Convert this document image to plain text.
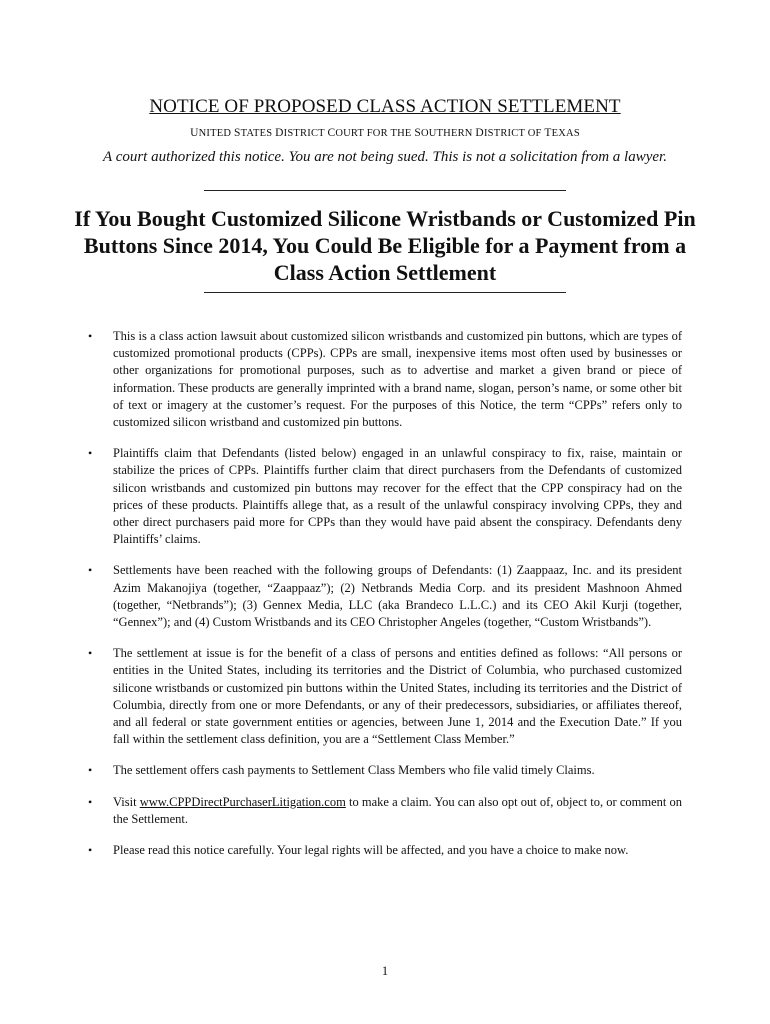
NOTICE OF PROPOSED CLASS ACTION SETTLEMENT
UNITED STATES DISTRICT COURT FOR THE SOUTHERN DISTRICT OF TEXAS
A court authorized this notice. You are not being sued. This is not a solicitation from a lawyer.
If You Bought Customized Silicone Wristbands or Customized Pin Buttons Since 2014, You Could Be Eligible for a Payment from a Class Action Settlement
• This is a class action lawsuit about customized silicon wristbands and customized pin buttons, which are types of customized promotional products (CPPs). CPPs are small, inexpensive items most often used by businesses or other organizations for promotional purposes, such as to advertise and market a given brand or piece of information. These products are generally imprinted with a brand name, slogan, person’s name, or some other bit of text or imagery at the customer’s request. For the purposes of this Notice, the term “CPPs” refers only to customized silicon wristband and customized pin buttons.
• Plaintiffs claim that Defendants (listed below) engaged in an unlawful conspiracy to fix, raise, maintain or stabilize the prices of CPPs. Plaintiffs further claim that direct purchasers from the Defendants of customized silicon wristbands and customized pin buttons may recover for the effect that the CPP conspiracy had on the prices of these products. Plaintiffs allege that, as a result of the unlawful conspiracy involving CPPs, they and other direct purchasers paid more for CPPs than they would have paid absent the conspiracy. Defendants deny Plaintiffs’ claims.
• Settlements have been reached with the following groups of Defendants: (1) Zaappaaz, Inc. and its president Azim Makanojiya (together, “Zaappaaz”); (2) Netbrands Media Corp. and its president Mashnoon Ahmed (together, “Netbrands”); (3) Gennex Media, LLC (aka Brandeco L.L.C.) and its CEO Akil Kurji (together, “Gennex”); and (4) Custom Wristbands and its CEO Christopher Angeles (together, “Custom Wristbands”).
• The settlement at issue is for the benefit of a class of persons and entities defined as follows: “All persons or entities in the United States, including its territories and the District of Columbia, who purchased customized silicone wristbands or customized pin buttons within the United States, including its territories and the District of Columbia, directly from one or more Defendants, or any of their predecessors, subsidiaries, or affiliates thereof, and all federal or state government entities or agencies, between June 1, 2014 and the Execution Date.” If you fall within the settlement class definition, you are a “Settlement Class Member.”
• The settlement offers cash payments to Settlement Class Members who file valid timely Claims.
• Visit www.CPPDirectPurchaserLitigation.com to make a claim. You can also opt out of, object to, or comment on the Settlement.
• Please read this notice carefully. Your legal rights will be affected, and you have a choice to make now.
1
